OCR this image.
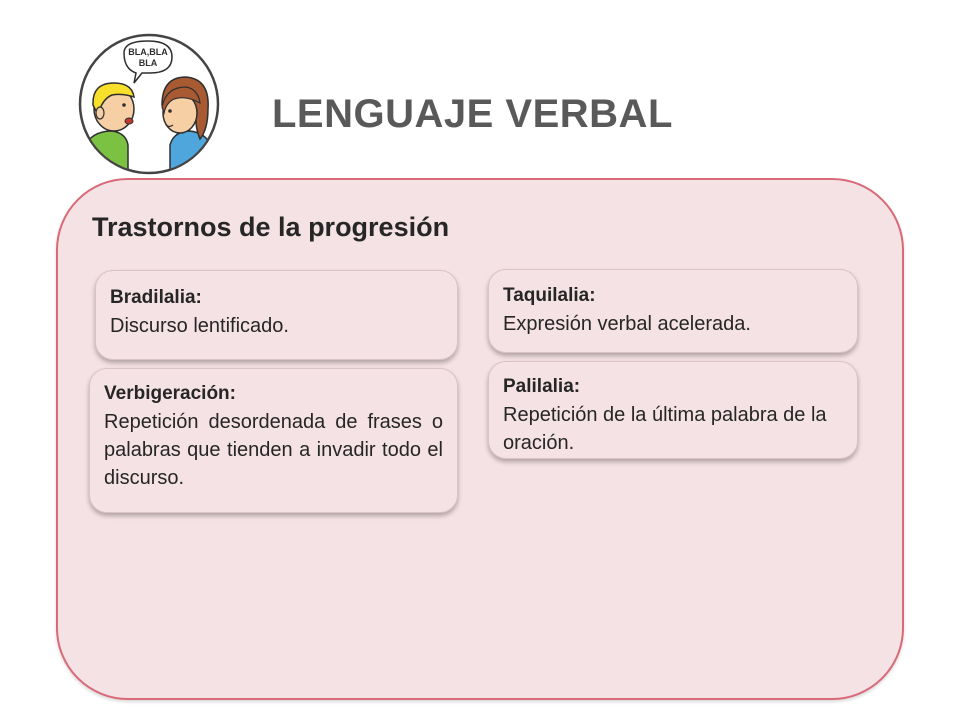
BLA,BLA
BLA
LENGUAJE VERBAL
Trastornos de la progresión
Bradilalia:
Discurso lentificado.
Taquilalia:
Expresión verbal acelerada.
Verbigeración:
Repetición desordenada de frases o palabras que tienden a invadir todo el discurso.
Palilalia:
Repetición de la última palabra de la oración.
